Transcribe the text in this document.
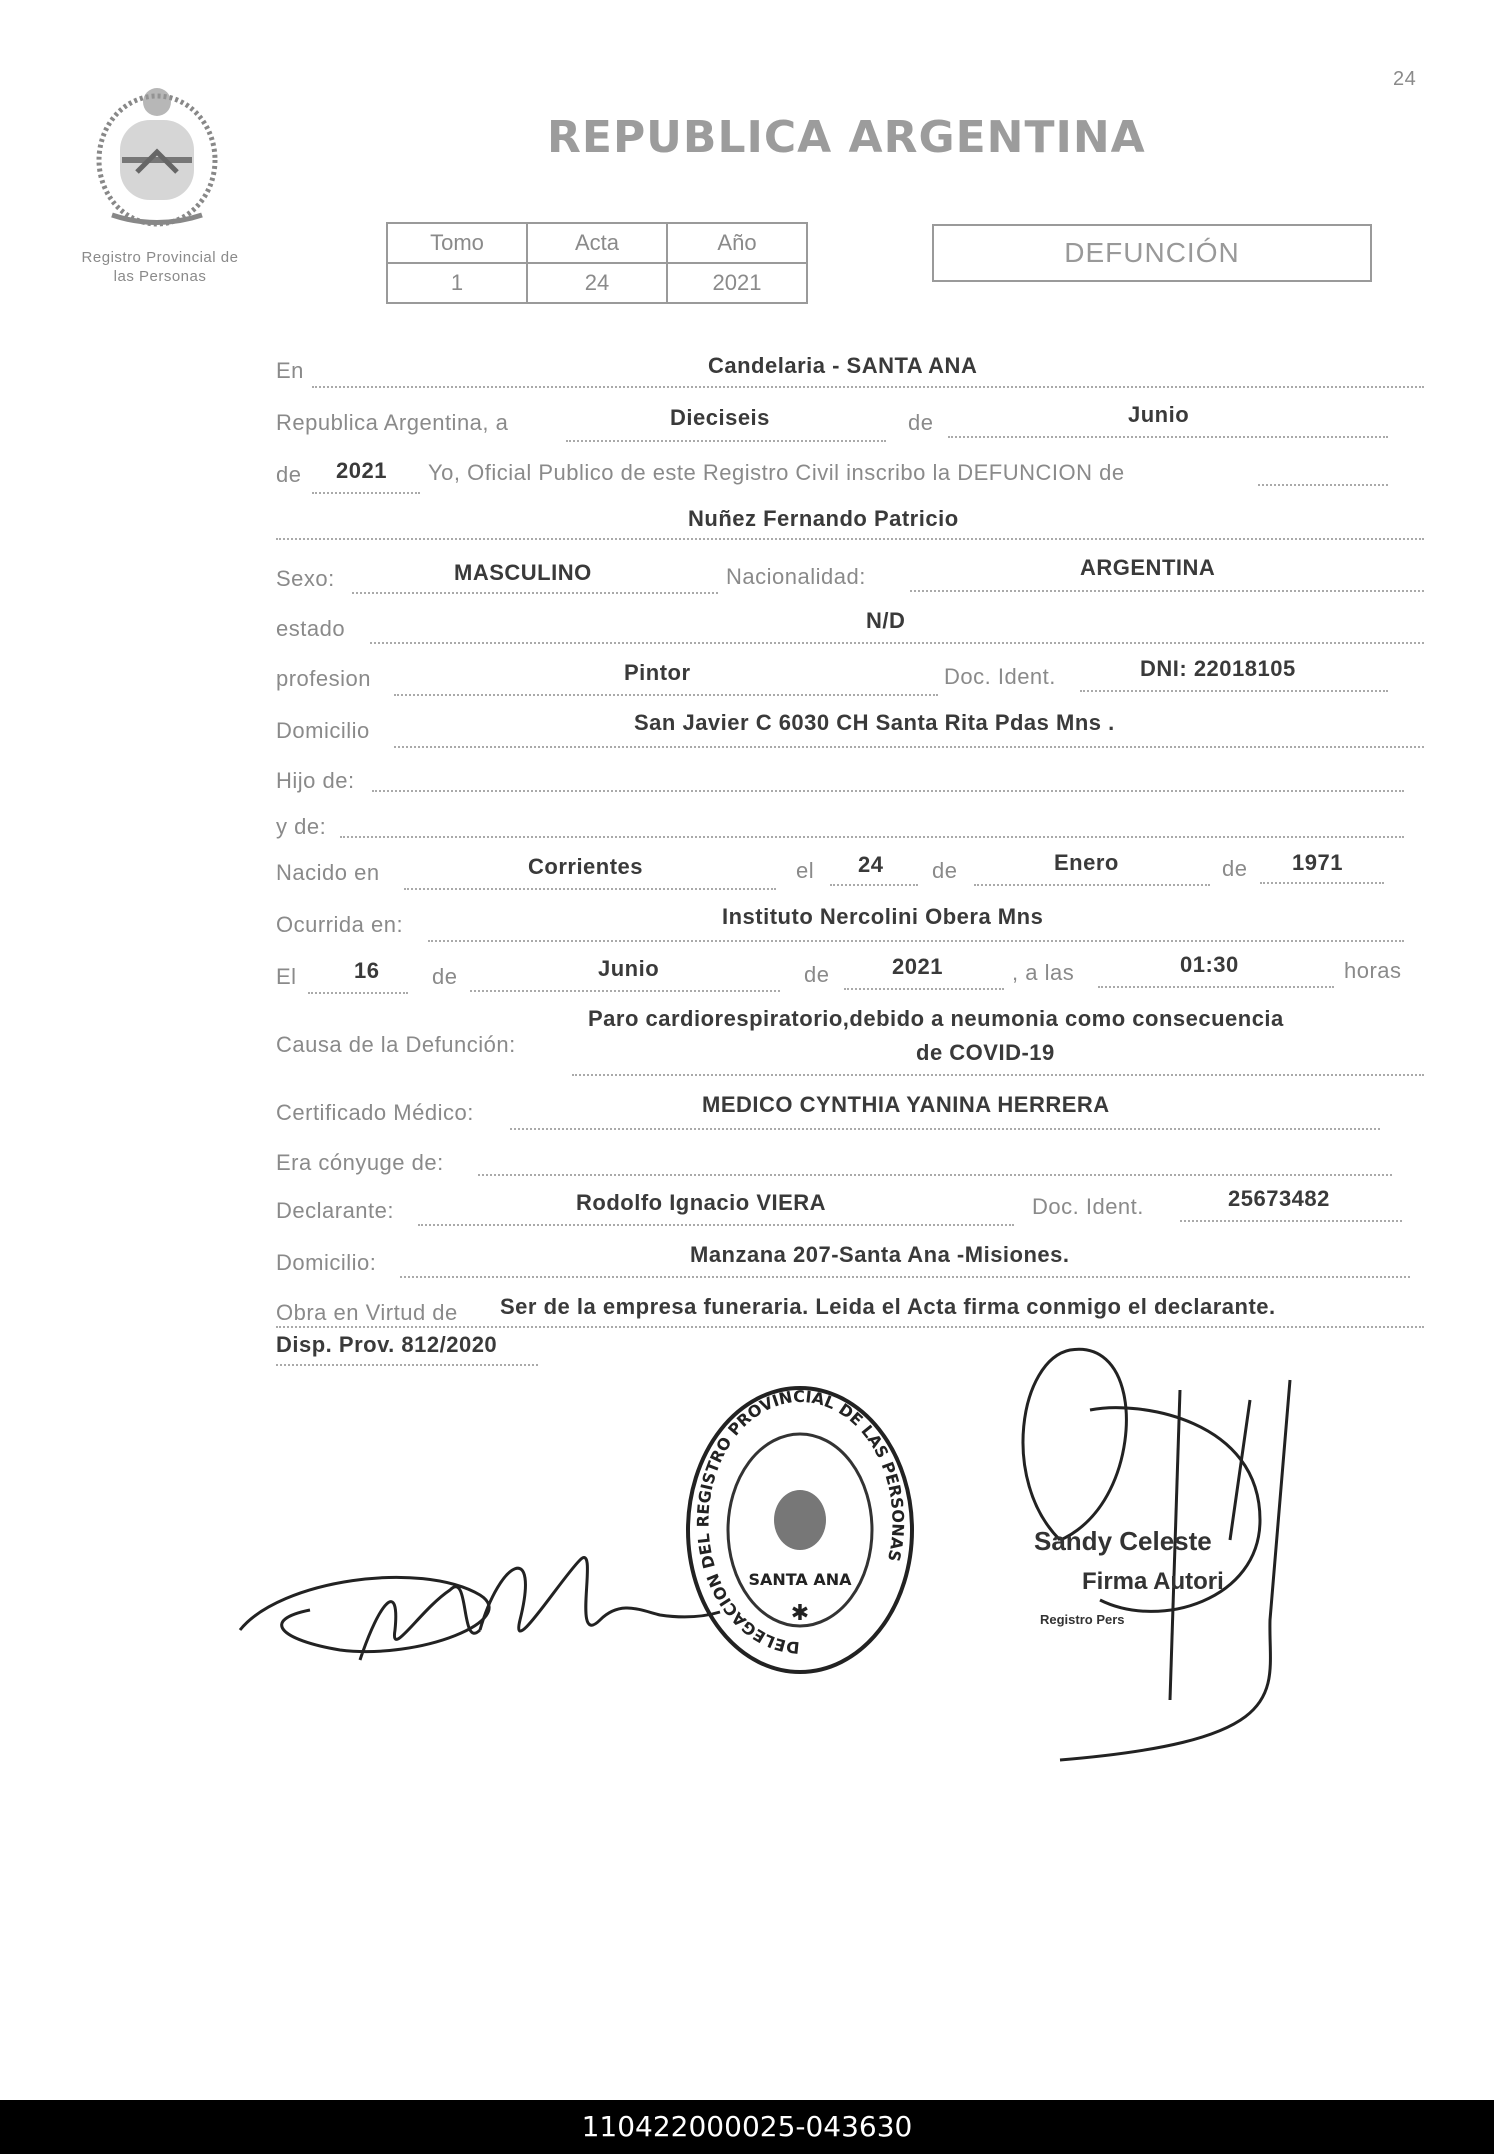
24
Registro Provincial de
las Personas
REPUBLICA ARGENTINA
Tomo	Acta	Año
1	24	2021
DEFUNCIÓN
En	Candelaria - SANTA ANA
Republica Argentina, a	Dieciseis	de	Junio
de 2021 Yo, Oficial Publico de este Registro Civil inscribo la DEFUNCION de
Nuñez Fernando Patricio
Sexo:	MASCULINO	Nacionalidad:	ARGENTINA
estado	N/D
profesion	Pintor	Doc. Ident.	DNI: 22018105
Domicilio	San Javier C 6030 CH Santa Rita Pdas Mns .
Hijo de:
y de:
Nacido en	Corrientes	el 24 de	Enero	de 1971
Ocurrida en:	Instituto Nercolini Obera Mns
El	16 de	Junio	de	2021	, a las	01:30	horas
Causa de la Defunción:
Paro cardiorespiratorio,debido a neumonia como consecuencia
de COVID-19
Certificado Médico:	MEDICO CYNTHIA YANINA HERRERA
Era cónyuge de:
Declarante:	Rodolfo Ignacio VIERA	Doc. Ident.	25673482
Domicilio:	Manzana 207-Santa Ana -Misiones.
Obra en Virtud de Ser de la empresa funeraria. Leida el Acta firma conmigo el declarante.
Disp. Prov. 812/2020
DELEGACION DEL REGISTRO PROVINCIAL DE LAS PERSONAS
SANTA ANA
✱
Sandy Celeste
Firma Autori
Registro Pers
110422000025-043630
